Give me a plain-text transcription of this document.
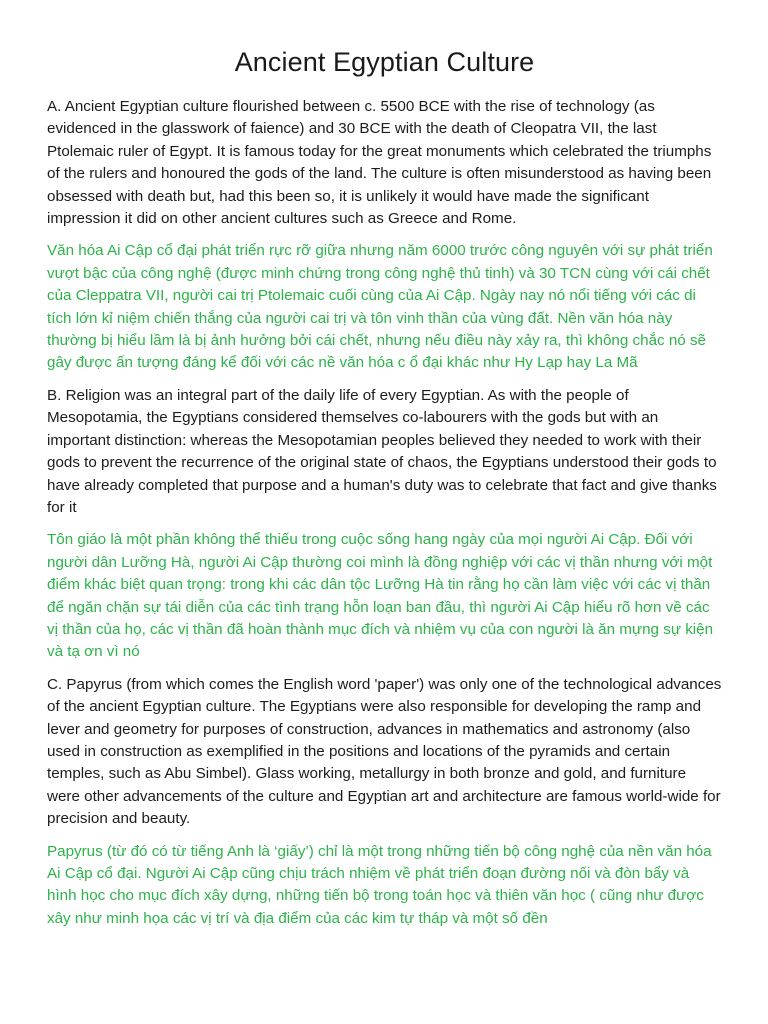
Ancient Egyptian Culture

A. Ancient Egyptian culture flourished between c. 5500 BCE with the rise of technology (as evidenced in the glasswork of faience) and 30 BCE with the death of Cleopatra VII, the last Ptolemaic ruler of Egypt. It is famous today for the great monuments which celebrated the triumphs of the rulers and honoured the gods of the land. The culture is often misunderstood as having been obsessed with death but, had this been so, it is unlikely it would have made the significant impression it did on other ancient cultures such as Greece and Rome.

Văn hóa Ai Cập cổ đại phát triển rực rỡ giữa nhưng năm 6000 trước công nguyên với sự phát triển vượt bậc của công nghệ (được minh chứng trong công nghệ thủ tinh) và 30 TCN cùng với cái chết của Cleppatra VII, người cai trị Ptolemaic cuối cùng của Ai Cập. Ngày nay nó nổi tiếng với các di tích lớn kỉ niệm chiến thắng của người cai trị và tôn vinh thần của vùng đất. Nền văn hóa này thường bị hiểu lầm là bị ảnh hưởng bởi cái chết, nhưng nếu điều này xảy ra, thì không chắc nó sẽ gây được ấn tượng đáng kể đối với các nề văn hóa c ổ đại khác như Hy Lạp hay La Mã

B. Religion was an integral part of the daily life of every Egyptian. As with the people of Mesopotamia, the Egyptians considered themselves co-labourers with the gods but with an important distinction: whereas the Mesopotamian peoples believed they needed to work with their gods to prevent the recurrence of the original state of chaos, the Egyptians understood their gods to have already completed that purpose and a human's duty was to celebrate that fact and give thanks for it

Tôn giáo là một phần không thể thiếu trong cuộc sống hang ngày của mọi người Ai Cập. Đối với người dân Lưỡng Hà, người Ai Cập thường coi mình là đồng nghiệp với các vị thần nhưng với một điểm khác biệt quan trọng: trong khi các dân tộc Lưỡng Hà tin rằng họ cần làm việc với các vị thần để ngăn chặn sự tái diễn của các tình trạng hỗn loạn ban đầu, thì người Ai Cập hiểu rõ hơn về các vị thần của họ, các vị thần đã hoàn thành mục đích và nhiệm vụ của con người là ăn mựng sự kiện và tạ ơn vì nó

C. Papyrus (from which comes the English word 'paper') was only one of the technological advances of the ancient Egyptian culture. The Egyptians were also responsible for developing the ramp and lever and geometry for purposes of construction, advances in mathematics and astronomy (also used in construction as exemplified in the positions and locations of the pyramids and certain temples, such as Abu Simbel). Glass working, metallurgy in both bronze and gold, and furniture were other advancements of the culture and Egyptian art and architecture are famous world-wide for precision and beauty.

Papyrus (từ đó có từ tiếng Anh là ‘giấy’) chỉ là một trong những tiến bộ công nghệ của nền văn hóa Ai Cập cổ đại. Người Ai Cập cũng chịu trách nhiệm về phát triển đoạn đường nối và đòn bẩy và hình học cho mục đích xây dựng, những tiến bộ trong toán học và thiên văn học ( cũng như được xây như minh họa các vị trí và địa điểm của các kim tự tháp và một số đền
